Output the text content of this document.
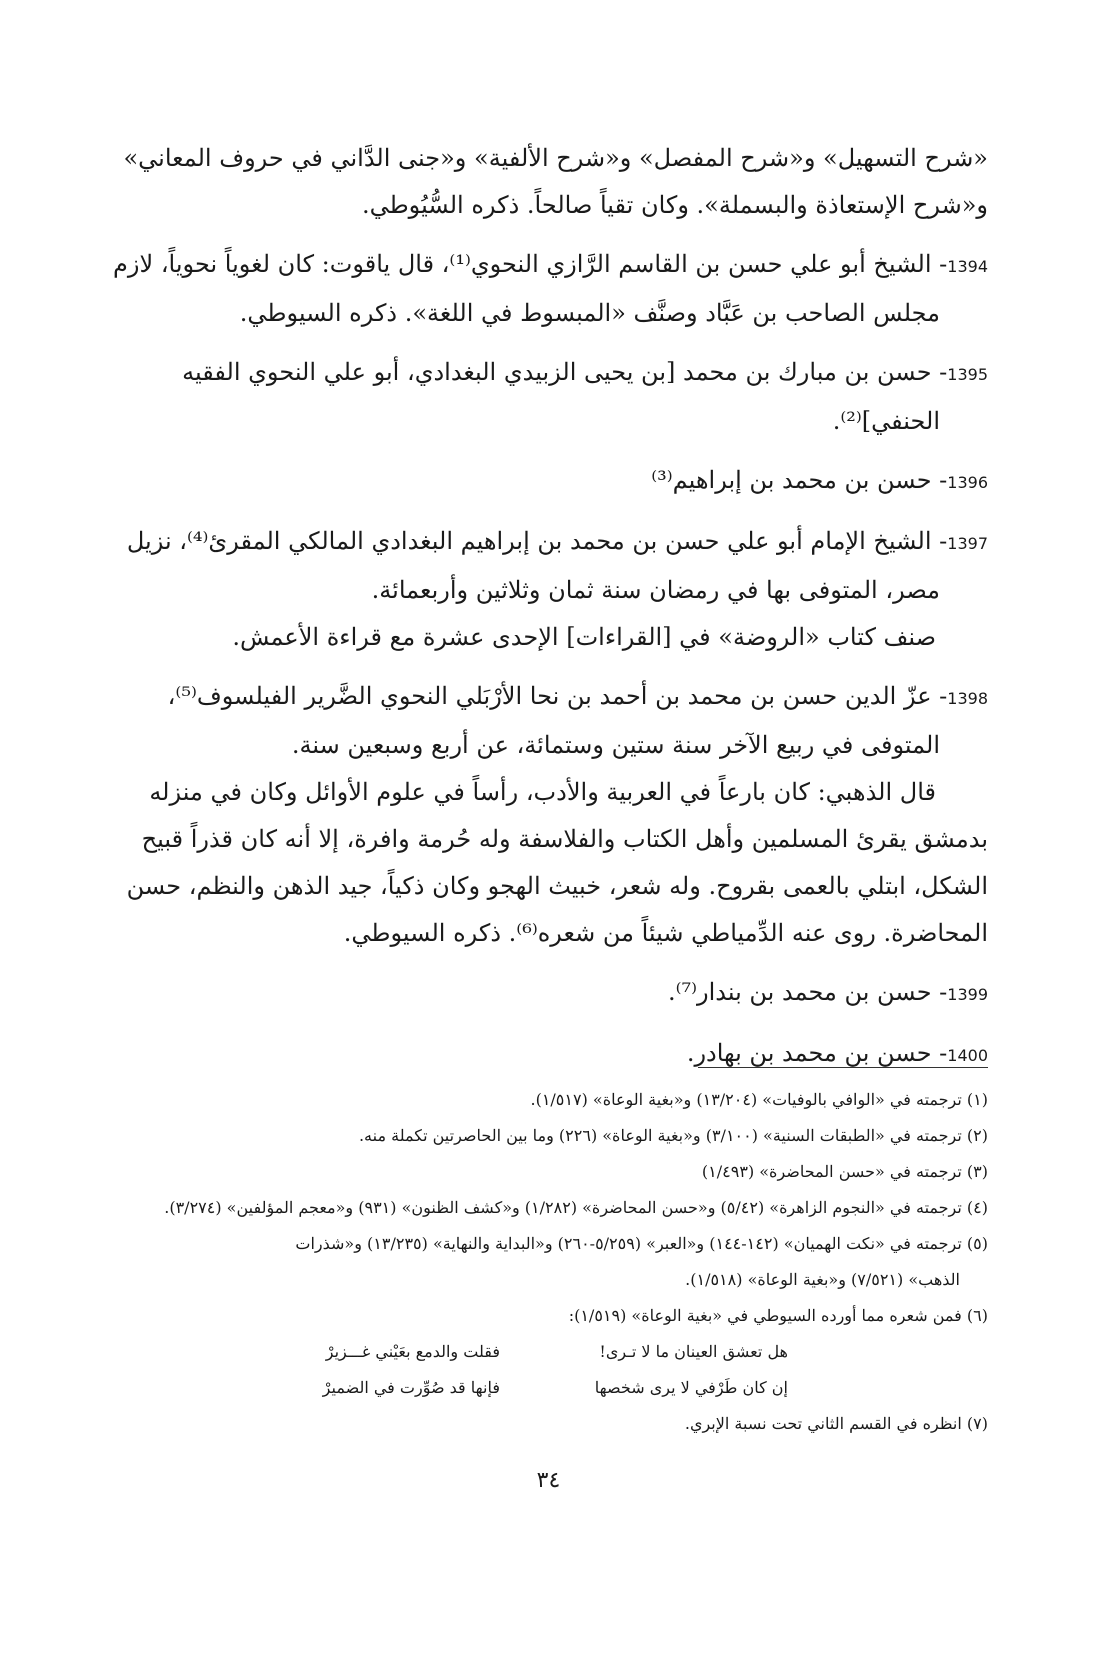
«شرح التسهيل» و«شرح المفصل» و«شرح الألفية» و«جنى الدَّاني في حروف المعاني»
و«شرح الإستعاذة والبسملة». وكان تقياً صالحاً. ذكره السُّيُوطي.
1394- الشيخ أبو علي حسن بن القاسم الرَّازي النحوي⁽¹⁾، قال ياقوت: كان لغوياً نحوياً، لازم
مجلس الصاحب بن عَبَّاد وصنَّف «المبسوط في اللغة». ذكره السيوطي.
1395- حسن بن مبارك بن محمد [بن يحيى الزبيدي البغدادي، أبو علي النحوي الفقيه
الحنفي]⁽²⁾.
1396- حسن بن محمد بن إبراهيم⁽³⁾
1397- الشيخ الإمام أبو علي حسن بن محمد بن إبراهيم البغدادي المالكي المقرئ⁽⁴⁾، نزيل
مصر، المتوفى بها في رمضان سنة ثمان وثلاثين وأربعمائة.
صنف كتاب «الروضة» في [القراءات] الإحدى عشرة مع قراءة الأعمش.
1398- عزّ الدين حسن بن محمد بن أحمد بن نحا الأرْبَلي النحوي الضَّرير الفيلسوف⁽⁵⁾،
المتوفى في ربيع الآخر سنة ستين وستمائة، عن أربع وسبعين سنة.
قال الذهبي: كان بارعاً في العربية والأدب، رأساً في علوم الأوائل وكان في منزله
بدمشق يقرئ المسلمين وأهل الكتاب والفلاسفة وله حُرمة وافرة، إلا أنه كان قذراً قبيح
الشكل، ابتلي بالعمى بقروح. وله شعر، خبيث الهجو وكان ذكياً، جيد الذهن والنظم، حسن
المحاضرة. روى عنه الدِّمياطي شيئاً من شعره⁽⁶⁾. ذكره السيوطي.
1399- حسن بن محمد بن بندار⁽⁷⁾.
1400- حسن بن محمد بن بهادر.
(١) ترجمته في «الوافي بالوفيات» (١٣/٢٠٤) و«بغية الوعاة» (١/٥١٧).
(٢) ترجمته في «الطبقات السنية» (٣/١٠٠) و«بغية الوعاة» (٢٢٦) وما بين الحاصرتين تكملة منه.
(٣) ترجمته في «حسن المحاضرة» (١/٤٩٣)
(٤) ترجمته في «النجوم الزاهرة» (٥/٤٢) و«حسن المحاضرة» (١/٢٨٢) و«كشف الظنون» (٩٣١) و«معجم المؤلفين» (٣/٢٧٤).
(٥) ترجمته في «نكت الهميان» (١٤٢-١٤٤) و«العبر» (٥/٢٥٩-٢٦٠) و«البداية والنهاية» (١٣/٢٣٥) و«شذرات
الذهب» (٧/٥٢١) و«بغية الوعاة» (١/٥١٨).
(٦) فمن شعره مما أورده السيوطي في «بغية الوعاة» (١/٥١٩):
هل تعشق العينان ما لا تـرى!
فقلت والدمع بعَيْني غـــزيرْ
إن كان طَرْفي لا يرى شخصها
فإنها قد صُوِّرت في الضميرْ
(٧) انظره في القسم الثاني تحت نسبة الإبري.
٣٤
